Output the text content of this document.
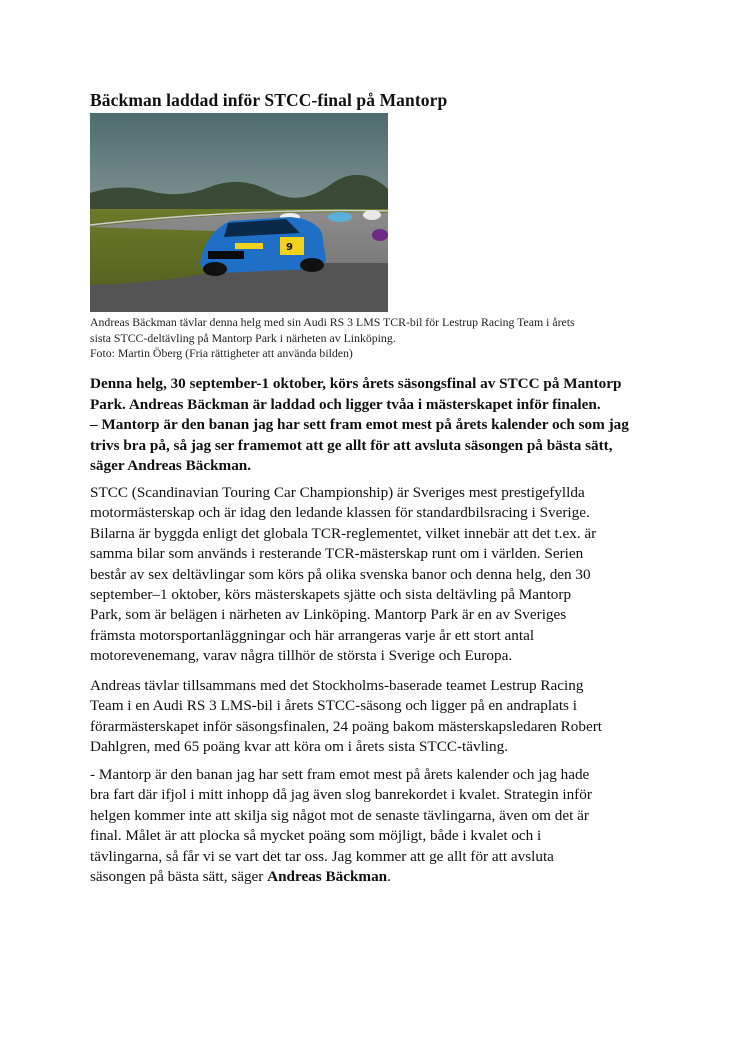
Bäckman laddad inför STCC-final på Mantorp
9
Andreas Bäckman tävlar denna helg med sin Audi RS 3 LMS TCR-bil för Lestrup Racing Team i årets
sista STCC-deltävling på Mantorp Park i närheten av Linköping.
Foto: Martin Öberg (Fria rättigheter att använda bilden)
Denna helg, 30 september-1 oktober, körs årets säsongsfinal av STCC på Mantorp
Park. Andreas Bäckman är laddad och ligger tvåa i mästerskapet inför finalen.
– Mantorp är den banan jag har sett fram emot mest på årets kalender och som jag
trivs bra på, så jag ser framemot att ge allt för att avsluta säsongen på bästa sätt,
säger Andreas Bäckman.
STCC (Scandinavian Touring Car Championship) är Sveriges mest prestigefyllda
motormästerskap och är idag den ledande klassen för standardbilsracing i Sverige.
Bilarna är byggda enligt det globala TCR-reglementet, vilket innebär att det t.ex. är
samma bilar som används i resterande TCR-mästerskap runt om i världen. Serien
består av sex deltävlingar som körs på olika svenska banor och denna helg, den 30
september–1 oktober, körs mästerskapets sjätte och sista deltävling på Mantorp
Park, som är belägen i närheten av Linköping. Mantorp Park är en av Sveriges
främsta motorsportanläggningar och här arrangeras varje år ett stort antal
motorevenemang, varav några tillhör de största i Sverige och Europa.
Andreas tävlar tillsammans med det Stockholms-baserade teamet Lestrup Racing
Team i en Audi RS 3 LMS-bil i årets STCC-säsong och ligger på en andraplats i
förarmästerskapet inför säsongsfinalen, 24 poäng bakom mästerskapsledaren Robert
Dahlgren, med 65 poäng kvar att köra om i årets sista STCC-tävling.
- Mantorp är den banan jag har sett fram emot mest på årets kalender och jag hade
bra fart där ifjol i mitt inhopp då jag även slog banrekordet i kvalet. Strategin inför
helgen kommer inte att skilja sig något mot de senaste tävlingarna, även om det är
final. Målet är att plocka så mycket poäng som möjligt, både i kvalet och i
tävlingarna, så får vi se vart det tar oss. Jag kommer att ge allt för att avsluta
säsongen på bästa sätt, säger Andreas Bäckman.
